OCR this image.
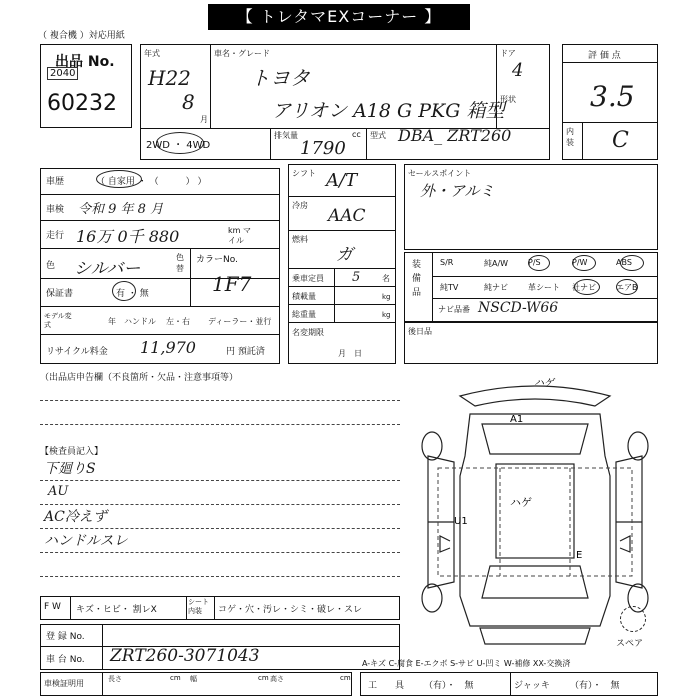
【 トレタマEXコーナー 】
（ 複合機 ）対応用紙
出品 No.
2040
60232
年式
H22
8
月
車名・グレード
トヨタ
アリオン A18 G PKG 箱型
ドア
4
形状
2WD ・ 4WD
排気量
1790
cc 型式 DBA_ ZRT260
評 価 点
3.5
内装 C
車歴	（ 自家用 ・ （　　　） ）
車検 令和 9 年 8 月
走行 16万 0千 880	km マイル
色 シルバー
色替
カラーNo.
1F7
保証書	有 ・ 無
モデル変式	年 ハンドル 左・右 ディーラー・並行
リサイクル料金 11,970	円 預託済
シフト A/T
冷房
AAC
燃料
ガ
乗車定員 5	名
積載量	kg
総重量	kg
名変期限
月　日
セールスポイント
外・アルミ
装備品
S/R	純A/W	P/S	P/W	ABS
純TV	純ナビ	革シート	社ナビ	エアB
ナビ品番 NSCD-W66
後日品
（出品店申告欄（不良箇所・欠品・注意事項等）
【検査員記入】
下廻りS
AU
AC冷えず
ハンドルスレ
ハゲ
A1
ハゲ
U1
E
スペア
F W キズ・ヒビ・ 割レX
シート内装	コゲ・穴・汚レ・シミ・破レ・スレ
登 録 No.
車 台 No. ZRT260-3071043
車検証明用	長さ	cm 幅	cm 高さ	cm
A-キズ C-腐食 E-エクボ S-サビ U-凹ミ W-補修 XX-交換済
工　　具 （有）・　無	ジャッキ （有）・　無
